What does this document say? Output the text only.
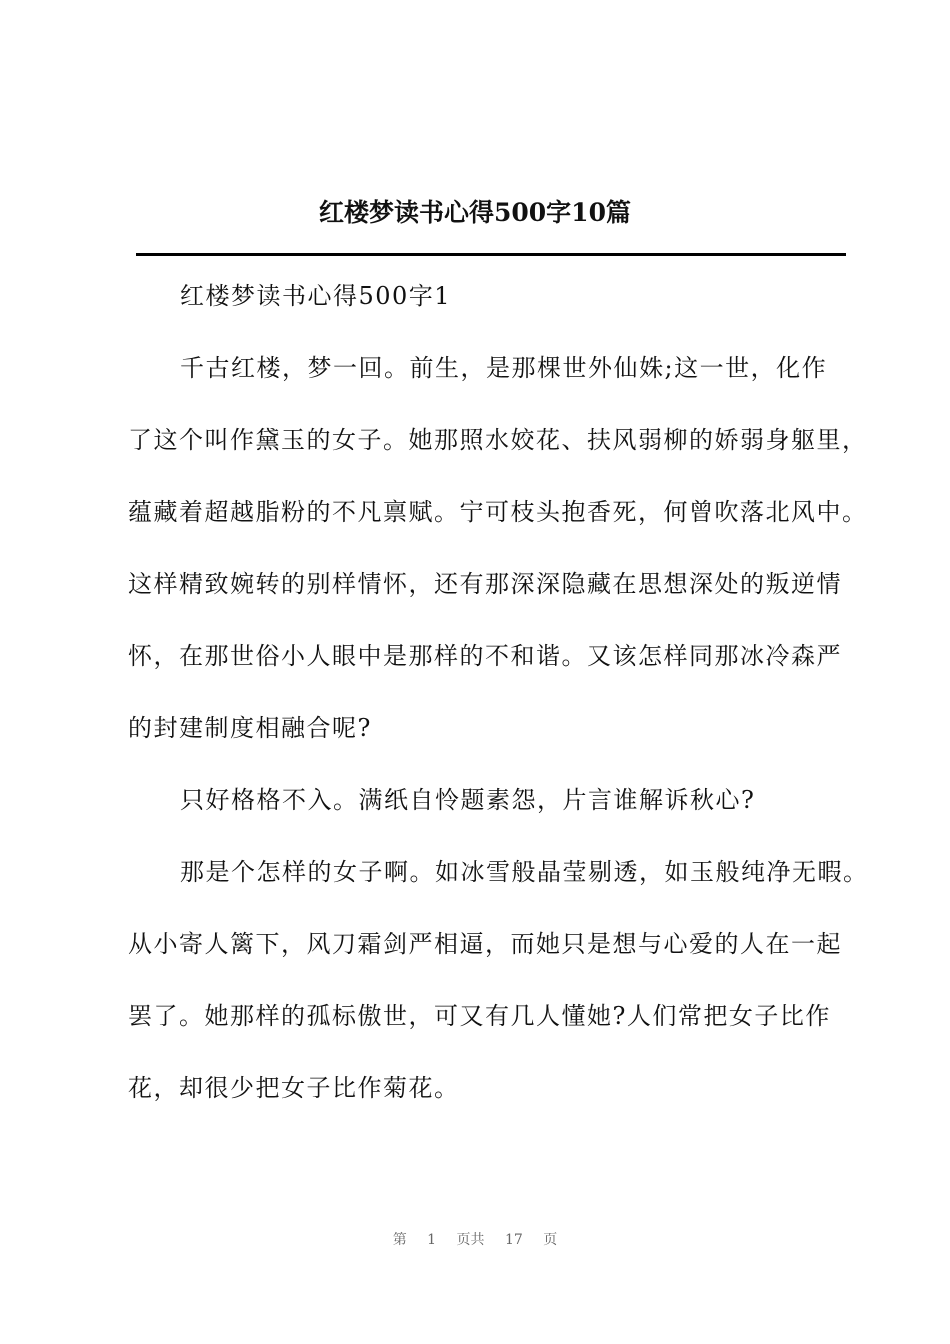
红楼梦读书心得500字10篇
红楼梦读书心得500字1
千古红楼，梦一回。前生，是那棵世外仙姝;这一世，化作
了这个叫作黛玉的女子。她那照水姣花、扶风弱柳的娇弱身躯里，
蕴藏着超越脂粉的不凡禀赋。宁可枝头抱香死，何曾吹落北风中。
这样精致婉转的别样情怀，还有那深深隐藏在思想深处的叛逆情
怀，在那世俗小人眼中是那样的不和谐。又该怎样同那冰冷森严
的封建制度相融合呢?
只好格格不入。满纸自怜题素怨，片言谁解诉秋心?
那是个怎样的女子啊。如冰雪般晶莹剔透，如玉般纯净无暇。
从小寄人篱下，风刀霜剑严相逼，而她只是想与心爱的人在一起
罢了。她那样的孤标傲世，可又有几人懂她?人们常把女子比作
花，却很少把女子比作菊花。
第 1 页共 17 页
